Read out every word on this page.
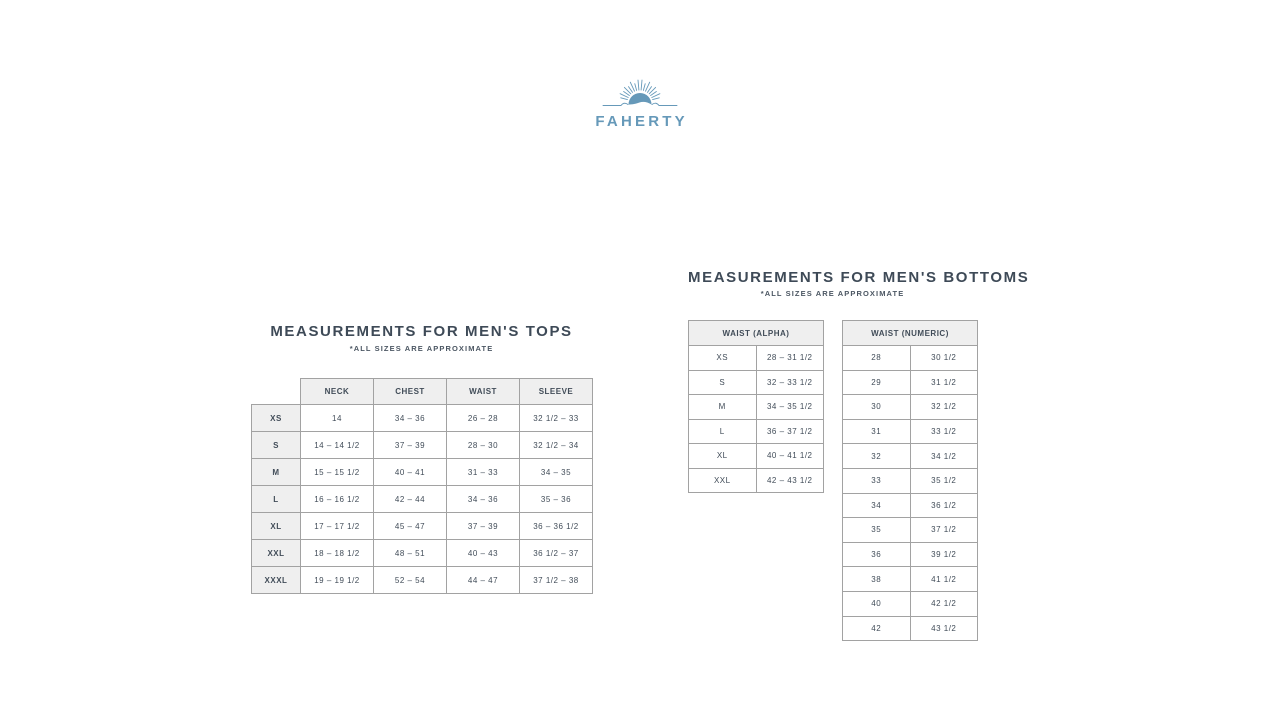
FAHERTY
MEASUREMENTS FOR MEN'S TOPS
*ALL SIZES ARE APPROXIMATE
	NECK	CHEST	WAIST	SLEEVE
XS	14	34 – 36	26 – 28	32 1/2 – 33
S	14 – 14 1/2	37 – 39	28 – 30	32 1/2 – 34
M	15 – 15 1/2	40 – 41	31 – 33	34 – 35
L	16 – 16 1/2	42 – 44	34 – 36	35 – 36
XL	17 – 17 1/2	45 – 47	37 – 39	36 – 36 1/2
XXL	18 – 18 1/2	48 – 51	40 – 43	36 1/2 – 37
XXXL	19 – 19 1/2	52 – 54	44 – 47	37 1/2 – 38
MEASUREMENTS FOR MEN'S BOTTOMS
*ALL SIZES ARE APPROXIMATE
WAIST (ALPHA)	
XS	28 – 31 1/2
S	32 – 33 1/2
M	34 – 35 1/2
L	36 – 37 1/2
XL	40 – 41 1/2
XXL	42 – 43 1/2
WAIST (NUMERIC)	
28	30 1/2
29	31 1/2
30	32 1/2
31	33 1/2
32	34 1/2
33	35 1/2
34	36 1/2
35	37 1/2
36	39 1/2
38	41 1/2
40	42 1/2
42	43 1/2
